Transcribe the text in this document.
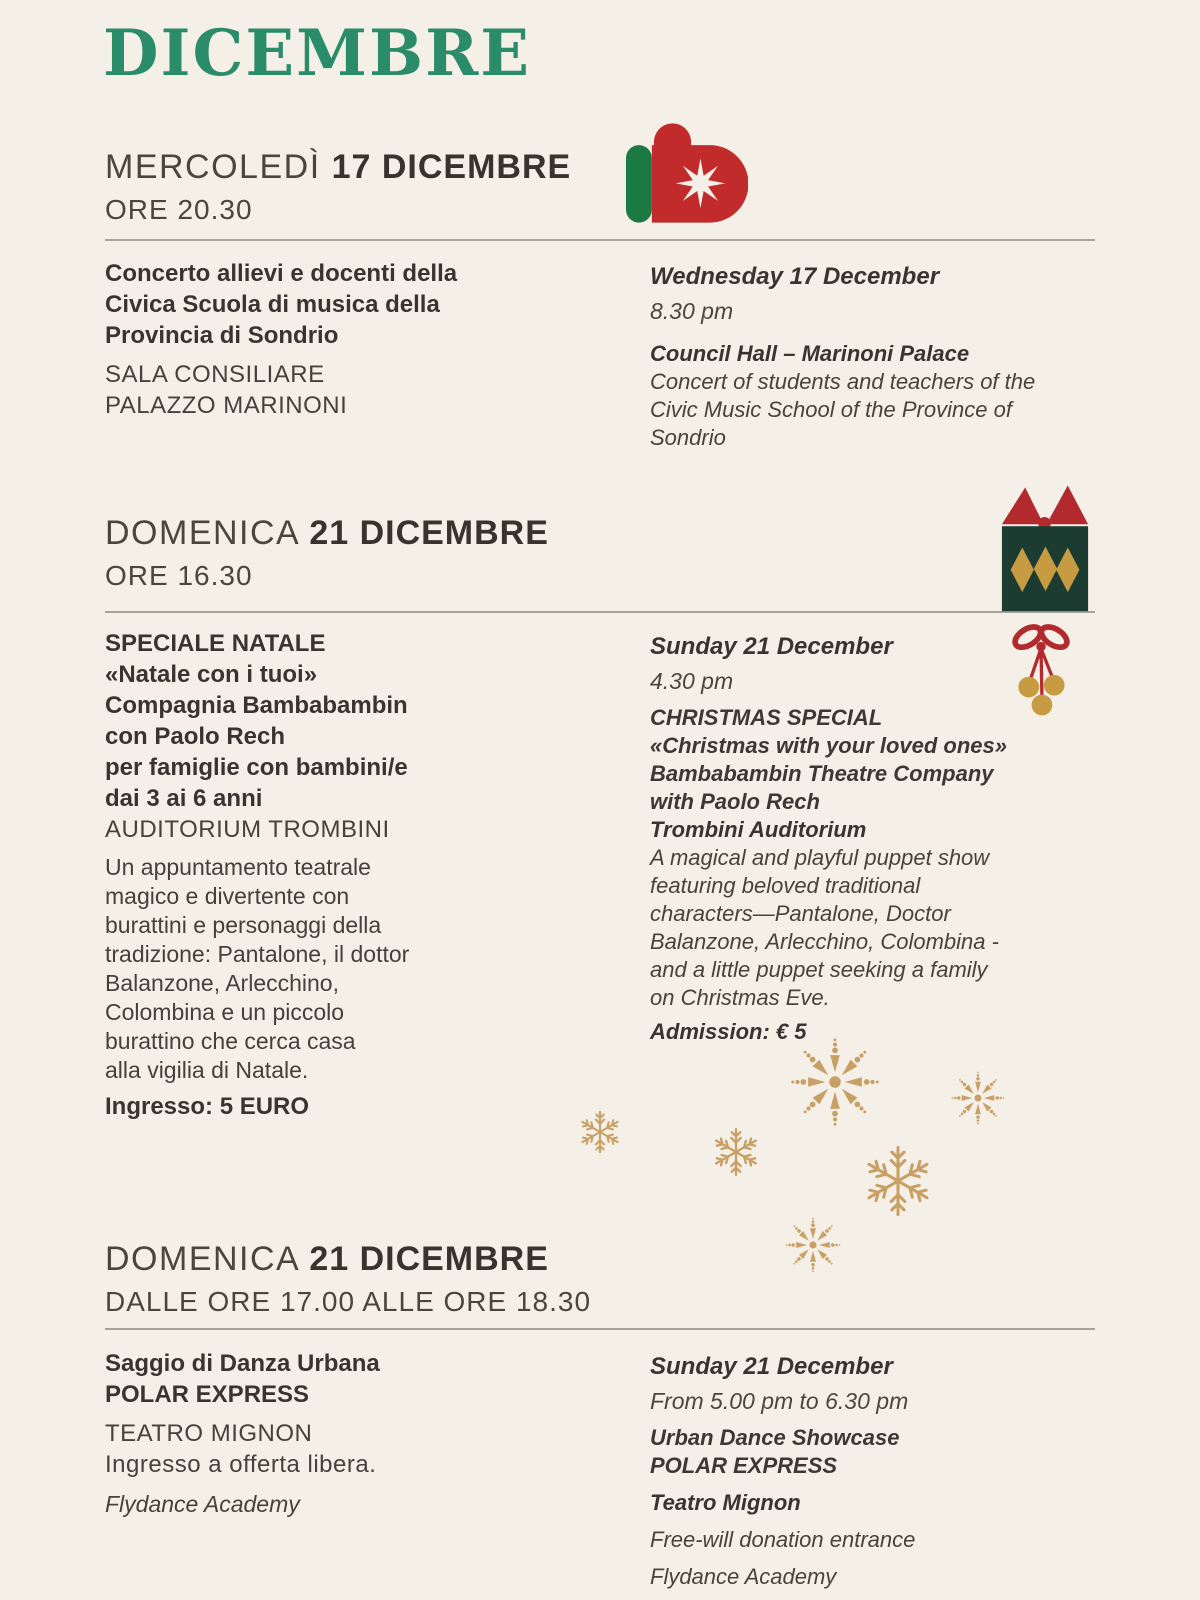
DICEMBRE
MERCOLEDÌ 17 DICEMBRE
ORE 20.30
Concerto allievi e docenti della
Civica Scuola di musica della
Provincia di Sondrio
SALA CONSILIARE
PALAZZO MARINONI
Wednesday 17 December
8.30 pm
Council Hall – Marinoni Palace
Concert of students and teachers of the
Civic Music School of the Province of
Sondrio
DOMENICA 21 DICEMBRE
ORE 16.30
SPECIALE NATALE
«Natale con i tuoi»
Compagnia Bambabambin
con Paolo Rech
per famiglie con bambini/e
dai 3 ai 6 anni
AUDITORIUM TROMBINI
Un appuntamento teatrale
magico e divertente con
burattini e personaggi della
tradizione: Pantalone, il dottor
Balanzone, Arlecchino,
Colombina e un piccolo
burattino che cerca casa
alla vigilia di Natale.
Ingresso: 5 EURO
Sunday 21 December
4.30 pm
CHRISTMAS SPECIAL
«Christmas with your loved ones»
Bambabambin Theatre Company
with Paolo Rech
Trombini Auditorium
A magical and playful puppet show
featuring beloved traditional
characters—Pantalone, Doctor
Balanzone, Arlecchino, Colombina -
and a little puppet seeking a family
on Christmas Eve.
Admission: € 5
DOMENICA 21 DICEMBRE
DALLE ORE 17.00 ALLE ORE 18.30
Saggio di Danza Urbana
POLAR EXPRESS
TEATRO MIGNON
Ingresso a offerta libera.
Flydance Academy
Sunday 21 December
From 5.00 pm to 6.30 pm
Urban Dance Showcase
POLAR EXPRESS
Teatro Mignon
Free-will donation entrance
Flydance Academy
